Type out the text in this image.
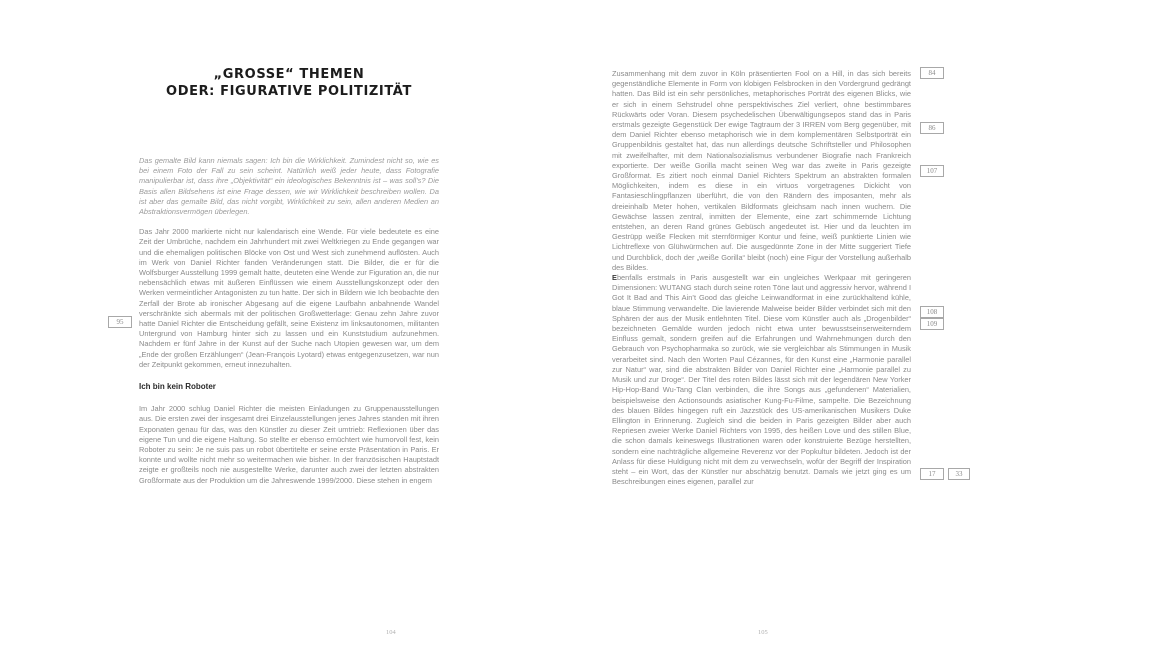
„GROSSE“ THEMEN
ODER: FIGURATIVE POLITIZITÄT

Das gemalte Bild kann niemals sagen: Ich bin die Wirklichkeit. Zumindest nicht so, wie es bei einem Foto der Fall zu sein scheint. Natürlich weiß jeder heute, dass Fotografie manipulierbar ist, dass ihre „Objektivität“ ein ideologisches Bekenntnis ist – was soll’s? Die Basis allen Bildsehens ist eine Frage dessen, wie wir Wirklichkeit beschreiben wollen. Da ist aber das gemalte Bild, das nicht vorgibt, Wirklichkeit zu sein, allen anderen Medien an Abstraktionsvermögen überlegen.

Das Jahr 2000 markierte nicht nur kalendarisch eine Wende. Für viele bedeutete es eine Zeit der Umbrüche, nachdem ein Jahrhundert mit zwei Weltkriegen zu Ende gegangen war und die ehemaligen politischen Blöcke von Ost und West sich zunehmend auflösten. Auch im Werk von Daniel Richter fanden Veränderungen statt. Die Bilder, die er für die Wolfsburger Ausstellung 1999 gemalt hatte, deuteten eine Wende zur Figuration an, die nur nebensächlich etwas mit äußeren Einflüssen wie einem Ausstellungskonzept oder den Werken vermeintlicher Antagonisten zu tun hatte. Der sich in Bildern wie Ich beobachte den Zerfall der Brote ab ironischer Abgesang auf die eigene Laufbahn anbahnende Wandel verschränkte sich abermals mit der politischen Großwetterlage: Genau zehn Jahre zuvor hatte Daniel Richter die Entscheidung gefällt, seine Existenz im linksautonomen, militanten Untergrund von Hamburg hinter sich zu lassen und ein Kunststudium aufzunehmen. Nachdem er fünf Jahre in der Kunst auf der Suche nach Utopien gewesen war, um dem „Ende der großen Erzählungen“ (Jean-François Lyotard) etwas entgegenzusetzen, war nun der Zeitpunkt gekommen, erneut innezuhalten.

Ich bin kein Roboter

Im Jahr 2000 schlug Daniel Richter die meisten Einladungen zu Gruppenausstellungen aus. Die ersten zwei der insgesamt drei Einzelausstellungen jenes Jahres standen mit ihren Exponaten genau für das, was den Künstler zu dieser Zeit umtrieb: Reflexionen über das eigene Tun und die eigene Haltung. So stellte er ebenso ernüchtert wie humorvoll fest, kein Roboter zu sein: Je ne suis pas un robot übertitelte er seine erste Präsentation in Paris. Er konnte und wollte nicht mehr so weitermachen wie bisher. In der französischen Hauptstadt zeigte er großteils noch nie ausgestellte Werke, darunter auch zwei der letzten abstrakten Großformate aus der Produktion um die Jahreswende 1999/2000. Diese stehen in engem

95
104

Zusammenhang mit dem zuvor in Köln präsentierten Fool on a Hill, in das sich bereits gegenständliche Elemente in Form von klobigen Felsbrocken in den Vordergrund gedrängt hatten. Das Bild ist ein sehr persönliches, metaphorisches Porträt des eigenen Blicks, wie er sich in einem Sehstrudel ohne perspektivisches Ziel verliert, ohne bestimmbares Rückwärts oder Voran. Diesem psychedelischen Überwältigungsepos stand das in Paris erstmals gezeigte Gegenstück Der ewige Tagtraum der 3 IRREN vom Berg gegenüber, mit dem Daniel Richter ebenso metaphorisch wie in dem komplementären Selbstporträt ein Gruppenbildnis gestaltet hat, das nun allerdings deutsche Schriftsteller und Philosophen mit zweifelhafter, mit dem Nationalsozialismus verbundener Biografie nach Frankreich exportierte. Der weiße Gorilla macht seinen Weg war das zweite in Paris gezeigte Großformat. Es zitiert noch einmal Daniel Richters Spektrum an abstrakten formalen Möglichkeiten, indem es diese in ein virtuos vorgetragenes Dickicht von Fantasieschlingpflanzen überführt, die von den Rändern des imposanten, mehr als dreieinhalb Meter hohen, vertikalen Bildformats gleichsam nach innen wuchern. Die Gewächse lassen zentral, inmitten der Elemente, eine zart schimmernde Lichtung entstehen, an deren Rand grünes Gebüsch angedeutet ist. Hier und da leuchten im Gestrüpp weiße Flecken mit sternförmiger Kontur und feine, weiß punktierte Linien wie Lichtreflexe von Glühwürmchen auf. Die ausgedünnte Zone in der Mitte suggeriert Tiefe und Durchblick, doch der „weiße Gorilla“ bleibt (noch) eine Figur der Vorstellung außerhalb des Bildes.

Ebenfalls erstmals in Paris ausgestellt war ein ungleiches Werkpaar mit geringeren Dimensionen: WUTANG stach durch seine roten Töne laut und aggressiv hervor, während I Got It Bad and This Ain’t Good das gleiche Leinwandformat in eine zurückhaltend kühle, blaue Stimmung verwandelte. Die lavierende Malweise beider Bilder verbindet sich mit den Sphären der aus der Musik entlehnten Titel. Diese vom Künstler auch als „Drogenbilder“ bezeichneten Gemälde wurden jedoch nicht etwa unter bewusstseinserweiterndem Einfluss gemalt, sondern greifen auf die Erfahrungen und Wahrnehmungen durch den Gebrauch von Psychopharmaka so zurück, wie sie vergleichbar als Stimmungen in Musik verarbeitet sind. Nach den Worten Paul Cézannes, für den Kunst eine „Harmonie parallel zur Natur“ war, sind die abstrakten Bilder von Daniel Richter eine „Harmonie parallel zu Musik und zur Droge“. Der Titel des roten Bildes lässt sich mit der legendären New Yorker Hip-Hop-Band Wu-Tang Clan verbinden, die ihre Songs aus „gefundenen“ Materialien, beispielsweise den Actionsounds asiatischer Kung-Fu-Filme, sampelte. Die Bezeichnung des blauen Bildes hingegen ruft ein Jazzstück des US-amerikanischen Musikers Duke Ellington in Erinnerung. Zugleich sind die beiden in Paris gezeigten Bilder aber auch Repriesen zweier Werke Daniel Richters von 1995, des heißen Love und des stillen Blue, die schon damals keineswegs Illustrationen waren oder konstruierte Bezüge herstellten, sondern eine nachträgliche allgemeine Reverenz vor der Popkultur bildeten. Jedoch ist der Anlass für diese Huldigung nicht mit dem zu verwechseln, wofür der Begriff der Inspiration steht – ein Wort, das der Künstler nur abschätzig benutzt. Damals wie jetzt ging es um Beschreibungen eines eigenen, parallel zur

84
86
107
108
109
17	33
105
